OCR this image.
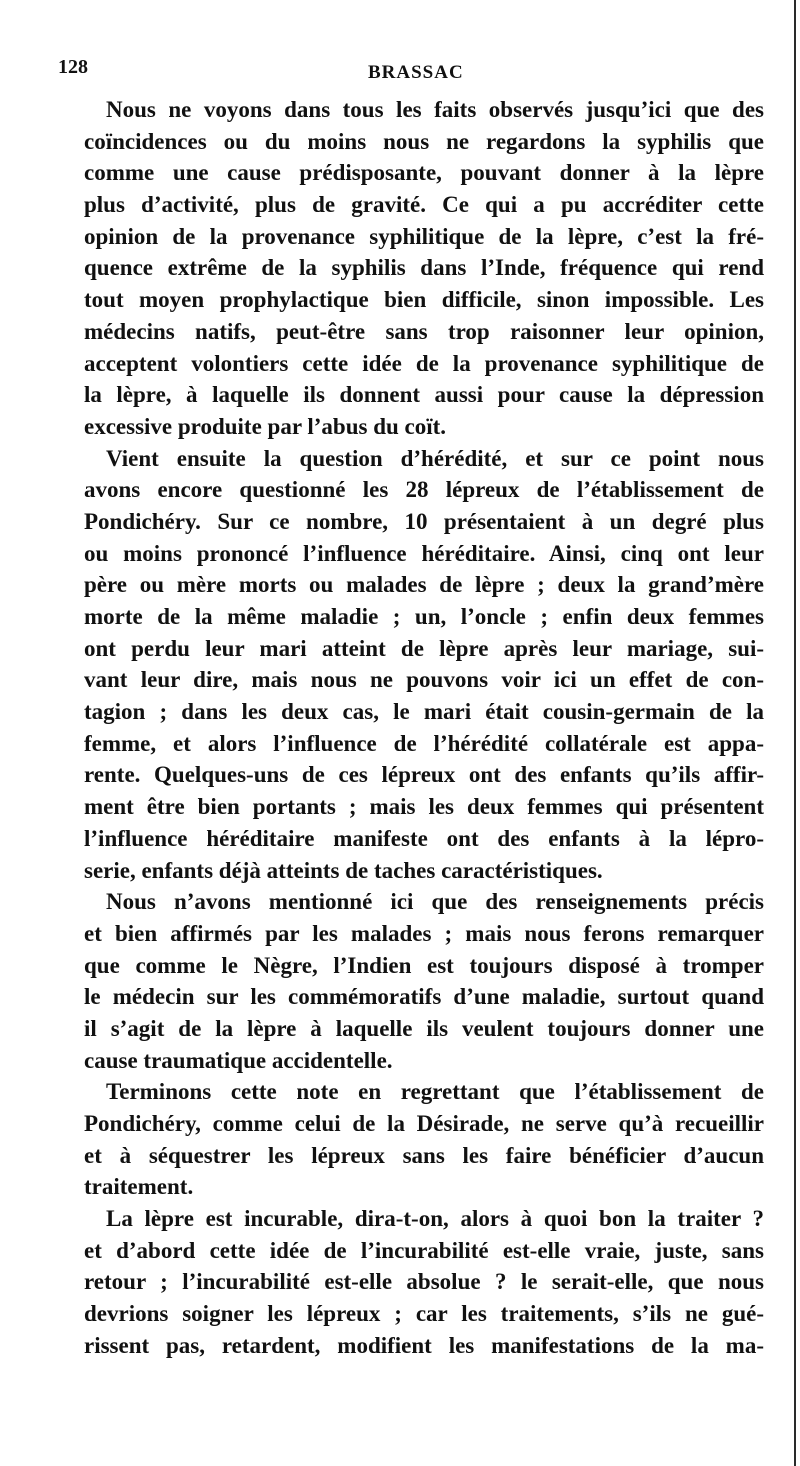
128	BRASSAC
Nous ne voyons dans tous les faits observés jusqu’ici que des
coïncidences ou du moins nous ne regardons la syphilis que
comme une cause prédisposante, pouvant donner à la lèpre
plus d’activité, plus de gravité. Ce qui a pu accréditer cette
opinion de la provenance syphilitique de la lèpre, c’est la fré-
quence extrême de la syphilis dans l’Inde, fréquence qui rend
tout moyen prophylactique bien difficile, sinon impossible. Les
médecins natifs, peut-être sans trop raisonner leur opinion,
acceptent volontiers cette idée de la provenance syphilitique de
la lèpre, à laquelle ils donnent aussi pour cause la dépression
excessive produite par l’abus du coït.
Vient ensuite la question d’hérédité, et sur ce point nous
avons encore questionné les 28 lépreux de l’établissement de
Pondichéry. Sur ce nombre, 10 présentaient à un degré plus
ou moins prononcé l’influence héréditaire. Ainsi, cinq ont leur
père ou mère morts ou malades de lèpre ; deux la grand’mère
morte de la même maladie ; un, l’oncle ; enfin deux femmes
ont perdu leur mari atteint de lèpre après leur mariage, sui-
vant leur dire, mais nous ne pouvons voir ici un effet de con-
tagion ; dans les deux cas, le mari était cousin-germain de la
femme, et alors l’influence de l’hérédité collatérale est appa-
rente. Quelques-uns de ces lépreux ont des enfants qu’ils affir-
ment être bien portants ; mais les deux femmes qui présentent
l’influence héréditaire manifeste ont des enfants à la lépro-
serie, enfants déjà atteints de taches caractéristiques.
Nous n’avons mentionné ici que des renseignements précis
et bien affirmés par les malades ; mais nous ferons remarquer
que comme le Nègre, l’Indien est toujours disposé à tromper
le médecin sur les commémoratifs d’une maladie, surtout quand
il s’agit de la lèpre à laquelle ils veulent toujours donner une
cause traumatique accidentelle.
Terminons cette note en regrettant que l’établissement de
Pondichéry, comme celui de la Désirade, ne serve qu’à recueillir
et à séquestrer les lépreux sans les faire bénéficier d’aucun
traitement.
La lèpre est incurable, dira-t-on, alors à quoi bon la traiter ?
et d’abord cette idée de l’incurabilité est-elle vraie, juste, sans
retour ; l’incurabilité est-elle absolue ? le serait-elle, que nous
devrions soigner les lépreux ; car les traitements, s’ils ne gué-
rissent pas, retardent, modifient les manifestations de la ma-
